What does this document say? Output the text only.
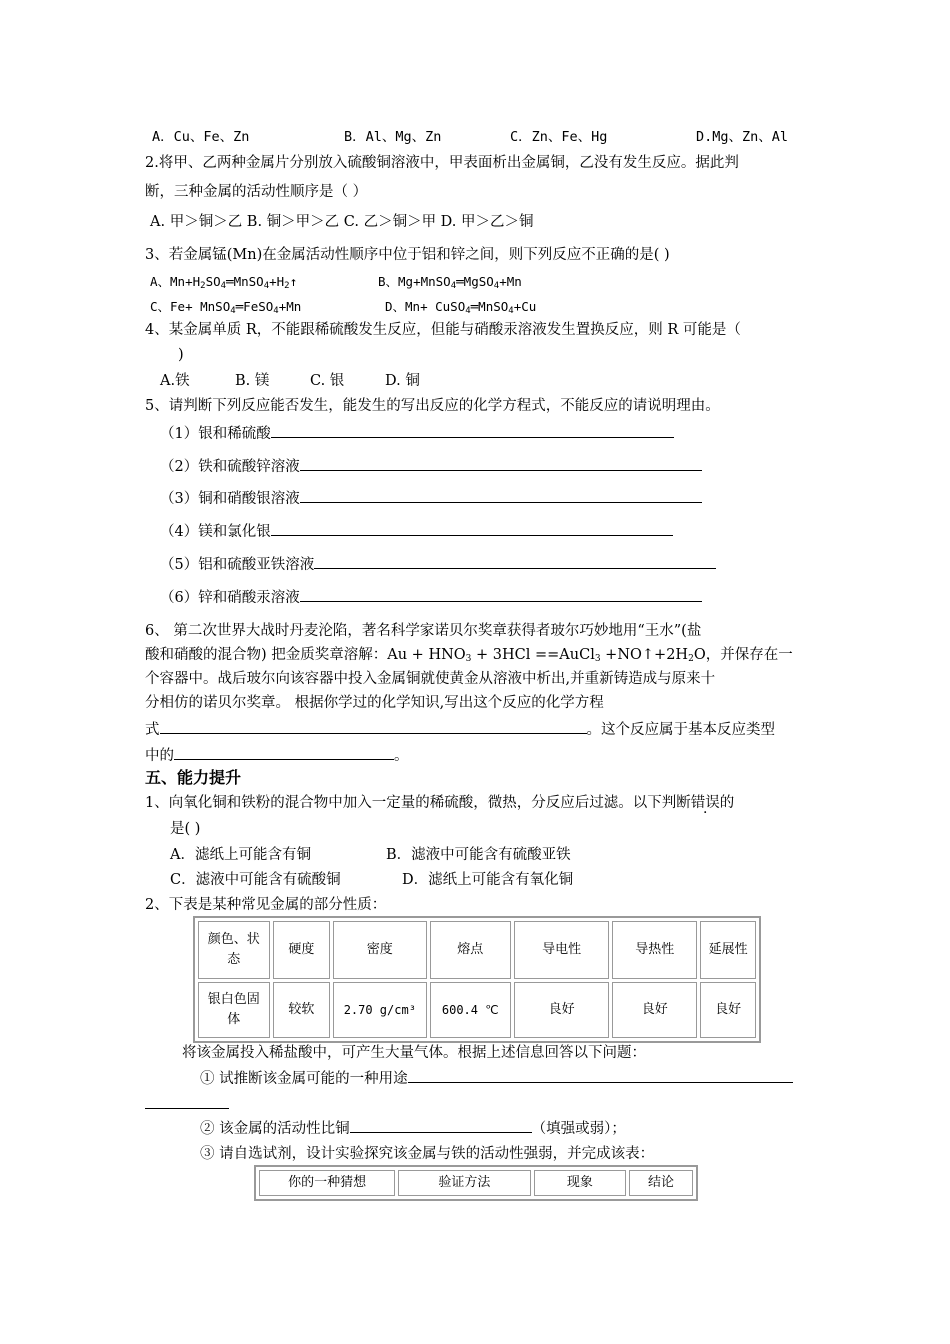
A．Cu、Fe、Zn	B．Al、Mg、Zn	C．Zn、Fe、Hg	D.Mg、Zn、Al
2.将甲、乙两种金属片分别放入硫酸铜溶液中，甲表面析出金属铜，乙没有发生反应。据此判
断，三种金属的活动性顺序是（ ）
A. 甲＞铜＞乙 B. 铜＞甲＞乙 C. 乙＞铜＞甲 D. 甲＞乙＞铜
3、若金属锰(Mn)在金属活动性顺序中位于铝和锌之间，则下列反应不正确的是( )
A、$Mn+H_2SO_4═MnSO_4+H_2↑$	B、Mg+MnSO$_4$═MgSO$_4$+Mn
C、Fe+ MnSO$_4$═FeSO$_4$+Mn	D、Mn+ CuSO$_4$═MnSO$_4$+Cu
4、某金属单质 R，不能跟稀硫酸发生反应，但能与硝酸汞溶液发生置换反应，则 R 可能是（
)
A.铁	B. 镁	C. 银	D. 铜
5、请判断下列反应能否发生，能发生的写出反应的化学方程式，不能反应的请说明理由。
（1）银和稀硫酸
（2）铁和硫酸锌溶液
（3）铜和硝酸银溶液
（4）镁和氯化银
（5）铝和硫酸亚铁溶液
（6）锌和硝酸汞溶液
6、 第二次世界大战时丹麦沦陷，著名科学家诺贝尔奖章获得者玻尔巧妙地用“王水”(盐
酸和硝酸的混合物) 把金质奖章溶解：$Au + HNO_3 + 3HCl$ ==AuCl$_3$ $+NO↑+2H_2O$，并保存在一
个容器中。战后玻尔向该容器中投入金属铜就使黄金从溶液中析出,并重新铸造成与原来十
分相仿的诺贝尔奖章。 根据你学过的化学知识,写出这个反应的化学方程
式	。这个反应属于基本反应类型
中的	。
五、能力提升
1、向氧化铜和铁粉的混合物中加入一定量的稀硫酸，微热，分反应后过滤。以下判断错误的
是( )
A．滤纸上可能含有铜	B．滤液中可能含有硫酸亚铁
C．滤液中可能含有硫酸铜	D．滤纸上可能含有氧化铜
2、下表是某种常见金属的部分性质：
颜色、状态	硬度	密度	熔点	导电性	导热性	延展性
银白色固体	较软	2.70 g/cm³	600.4 ℃	良好	良好	良好
将该金属投入稀盐酸中，可产生大量气体。根据上述信息回答以下问题：
① 试推断该金属可能的一种用途
② 该金属的活动性比铜	（填强或弱）；
③ 请自选试剂，设计实验探究该金属与铁的活动性强弱，并完成该表：
你的一种猜想	验证方法	现象	结论
